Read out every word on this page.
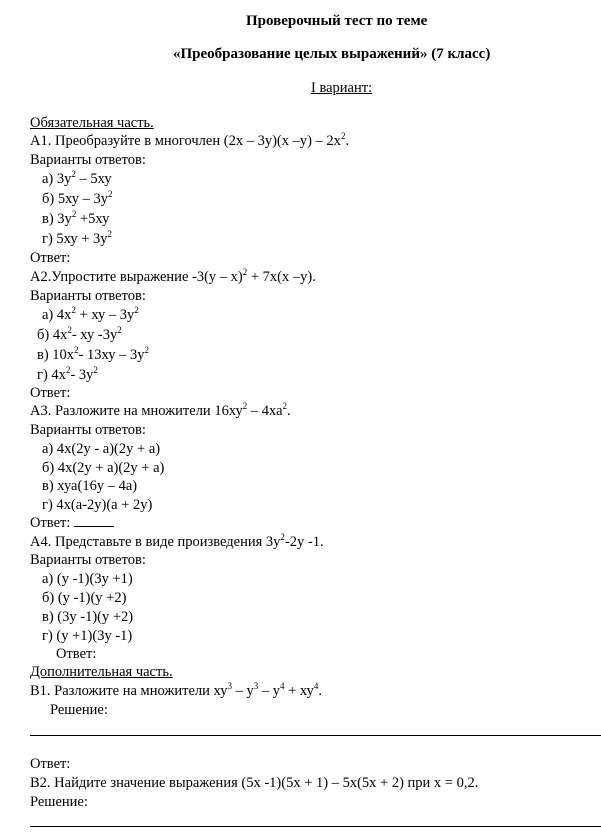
Проверочный тест по теме
«Преобразование целых выражений» (7 класс)
I вариант:
Обязательная часть.
А1. Преобразуйте в многочлен (2х – 3у)(х $-у) - 2х^2$.
Варианты ответов:
а) $3у^2 - 5ху$
б) $5ху - 3у^2$
в) $3у^2 +5ху$
г) $5ху + 3у^2$
Ответ:
А2.Упростите выражение -3(у – х)$^2$ + 7х(х –у).
Варианты ответов:
а) $4х^2$ + ху – $3у^2$
б) $4х^2-$ ху $-3у^2$
в) $10х^2-$ $13ху - 3у^2$
г) $4х^2-$ $3у^2$
Ответ:
А3. Разложите на множители $16ху^2 - 4ха^2$.
Варианты ответов:
а) 4х(2у - а)(2у + а)
б) 4х(2у + а)(2у + а)
в) хуа(16у – 4а)
г) 4х(а-2у)(а + 2у)
Ответ:
А4. Представьте в виде произведения $3у^2-2у$ -1.
Варианты ответов:
а) (у -1)(3у +1)
б) (у -1)(у +2)
в) (3у -1)(у +2)
г) (у +1)(3у -1)
Ответ:
Дополнительная часть.
В1. Разложите на множители $ху^3 - у^3 - у^4 + ху^4$.
Решение:
Ответ:
В2. Найдите значение выражения (5х -1)(5х + 1) – 5х(5х + 2) при х = 0,2.
Решение:
